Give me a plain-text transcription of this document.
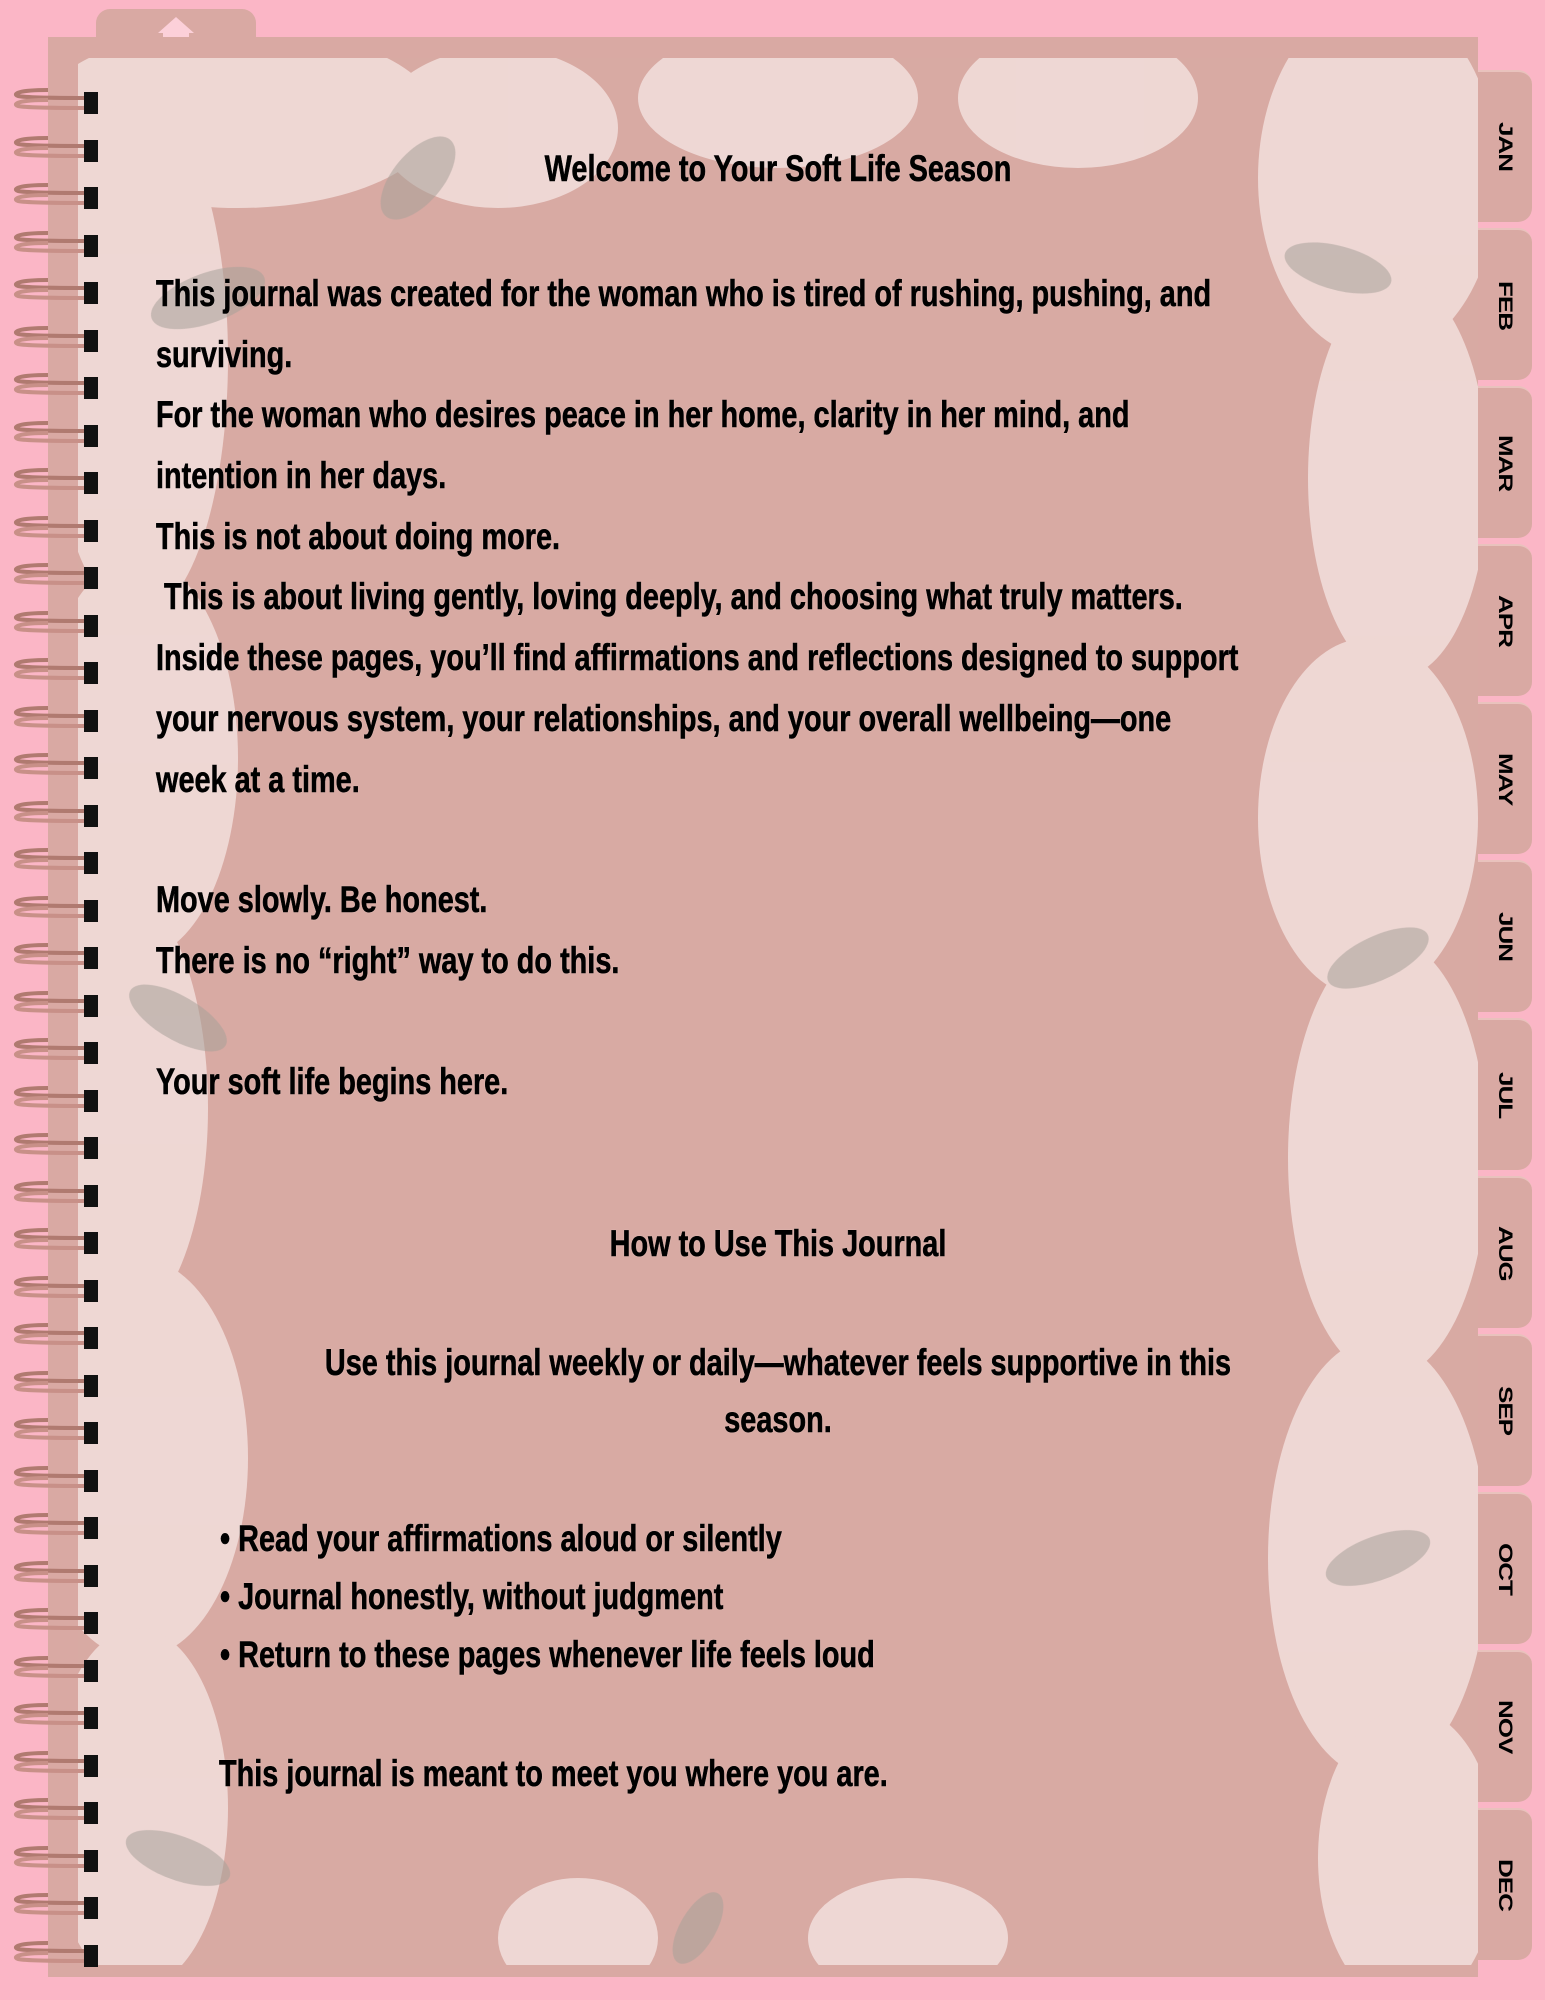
Welcome to Your Soft Life Season
This journal was created for the woman who is tired of rushing, pushing, and
surviving.
For the woman who desires peace in her home, clarity in her mind, and
intention in her days.
This is not about doing more.
This is about living gently, loving deeply, and choosing what truly matters.
Inside these pages, you’ll find affirmations and reflections designed to support
your nervous system, your relationships, and your overall wellbeing—one
week at a time.
Move slowly. Be honest.
There is no “right” way to do this.
Your soft life begins here.
How to Use This Journal
Use this journal weekly or daily—whatever feels supportive in this
season.
• Read your affirmations aloud or silently
• Journal honestly, without judgment
• Return to these pages whenever life feels loud
This journal is meant to meet you where you are.
JAN
FEB
MAR
APR
MAY
JUN
JUL
AUG
SEP
OCT
NOV
DEC
